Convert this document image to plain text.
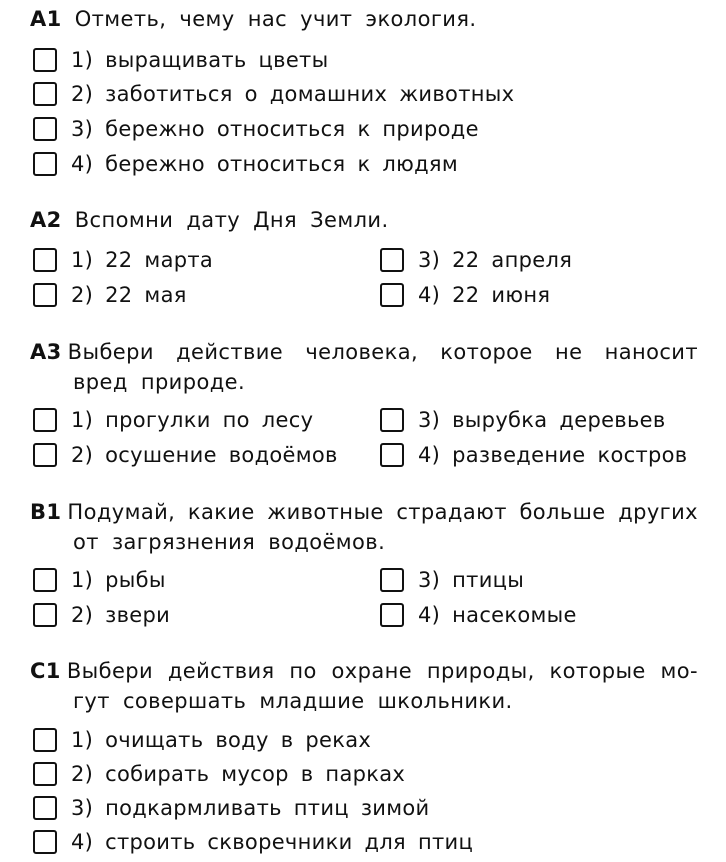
A1 Отметь, чему нас учит экология.
1) выращивать цветы
2) заботиться о домашних животных
3) бережно относиться к природе
4) бережно относиться к людям
A2 Вспомни дату Дня Земли.
1) 22 марта
2) 22 мая
3) 22 апреля
4) 22 июня
A3 Выбери действие человека, которое не наносит
вред природе.
1) прогулки по лесу
2) осушение водоёмов
3) вырубка деревьев
4) разведение костров
B1 Подумай, какие животные страдают больше других
от загрязнения водоёмов.
1) рыбы
2) звери
3) птицы
4) насекомые
C1 Выбери действия по охране природы, которые мо-
гут совершать младшие школьники.
1) очищать воду в реках
2) собирать мусор в парках
3) подкармливать птиц зимой
4) строить скворечники для птиц
